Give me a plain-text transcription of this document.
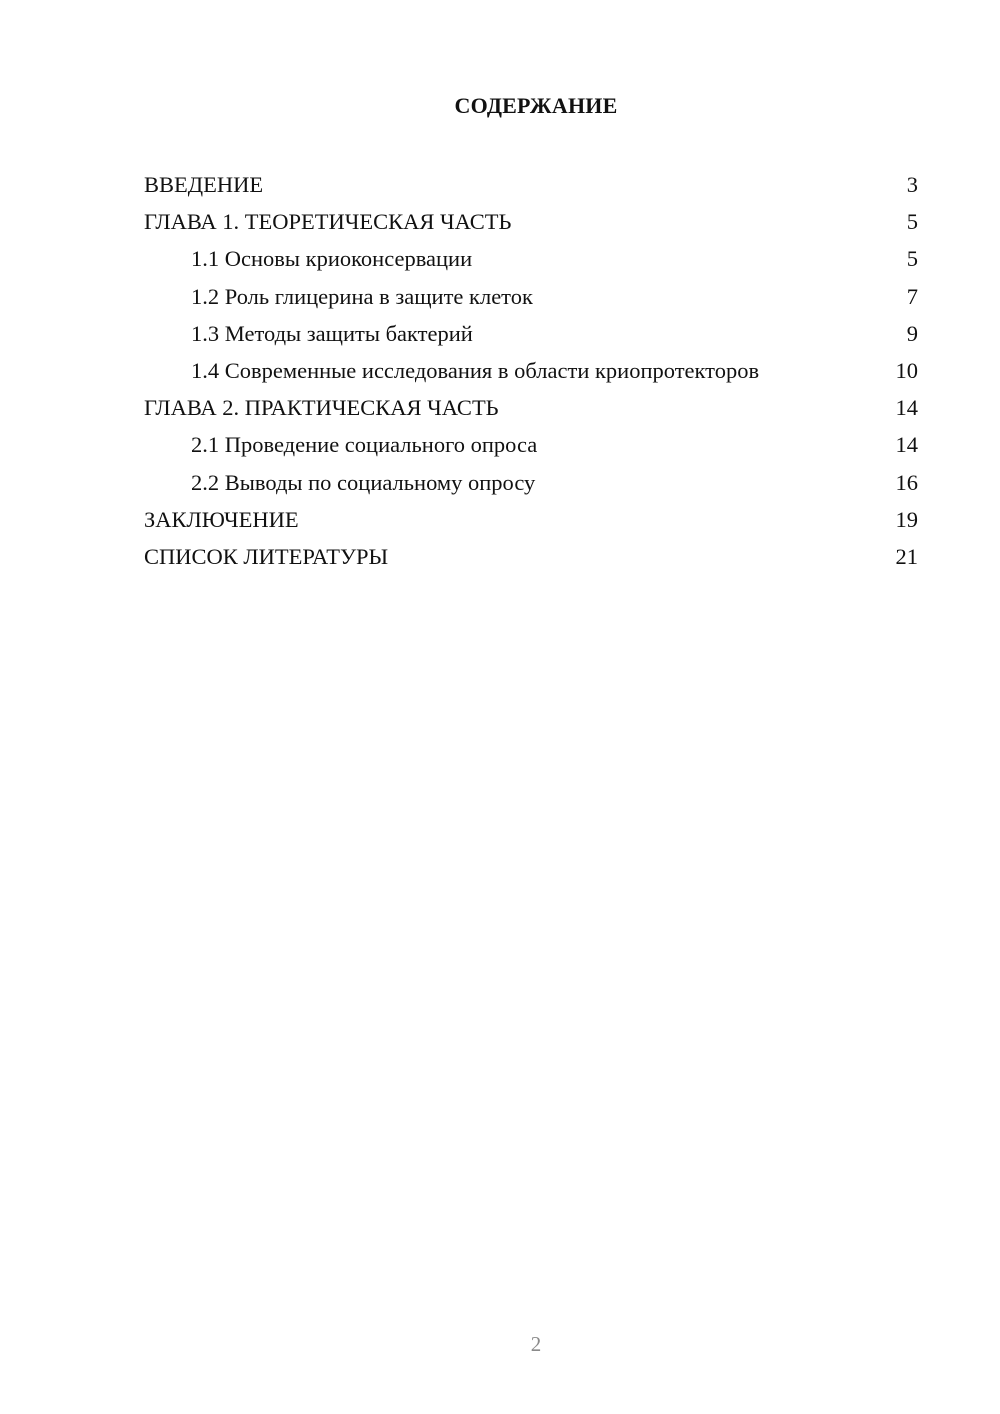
СОДЕРЖАНИЕ
ВВЕДЕНИЕ	3
ГЛАВА 1. ТЕОРЕТИЧЕСКАЯ ЧАСТЬ	5
1.1 Основы криоконсервации	5
1.2 Роль глицерина в защите клеток	7
1.3 Методы защиты бактерий	9
1.4 Современные исследования в области криопротекторов	10
ГЛАВА 2. ПРАКТИЧЕСКАЯ ЧАСТЬ	14
2.1 Проведение социального опроса	14
2.2 Выводы по социальному опросу	16
ЗАКЛЮЧЕНИЕ	19
СПИСОК ЛИТЕРАТУРЫ	21
2
